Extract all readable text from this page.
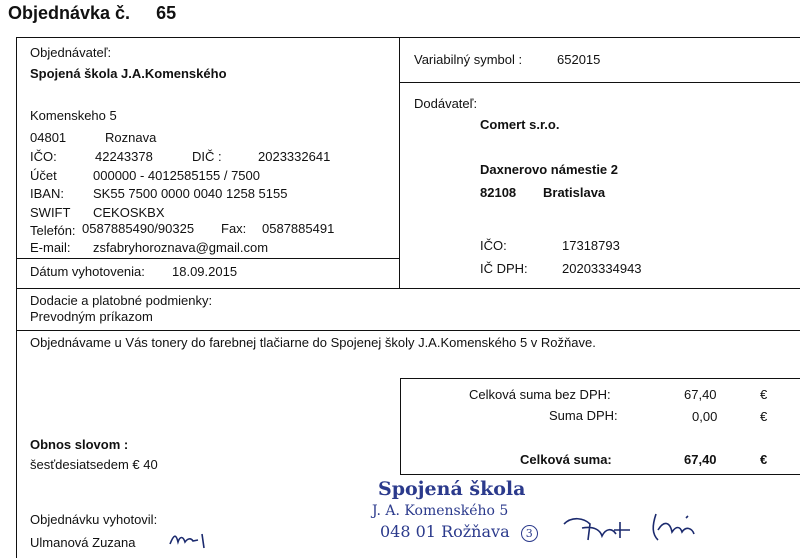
Objednávka č. 65
Objednávateľ:
Spojená škola J.A.Komenského
Komenskeho 5
04801	Roznava
IČO:	42243378	DIČ :	2023332641
Účet	000000 - 4012585155 / 7500
IBAN: SK55 7500 0000 0040 1258 5155
SWIFT CEKOSKBX
Telefón: 0587885490/90325 Fax: 0587885491
E-mail: zsfabryhoroznava@gmail.com
Dátum vyhotovenia: 18.09.2015
Variabilný symbol :	652015
Dodávateľ:
Comert s.r.o.
Daxnerovo námestie 2
82108 Bratislava
IČO:	17318793
IČ DPH:	20203334943
Dodacie a platobné podmienky:
Prevodným príkazom
Objednávame u Vás tonery do farebnej tlačiarne do Spojenej školy J.A.Komenského 5 v Rožňave.
Celková suma bez DPH:	67,40	€
Suma DPH:	0,00	€
Celková suma:	67,40	€
Obnos slovom :
šesťdesiatsedem € 40
Objednávku vyhotovil:
Ulmanová Zuzana
Spojená škola
J. A. Komenského 5
048 01 Rožňava 3
